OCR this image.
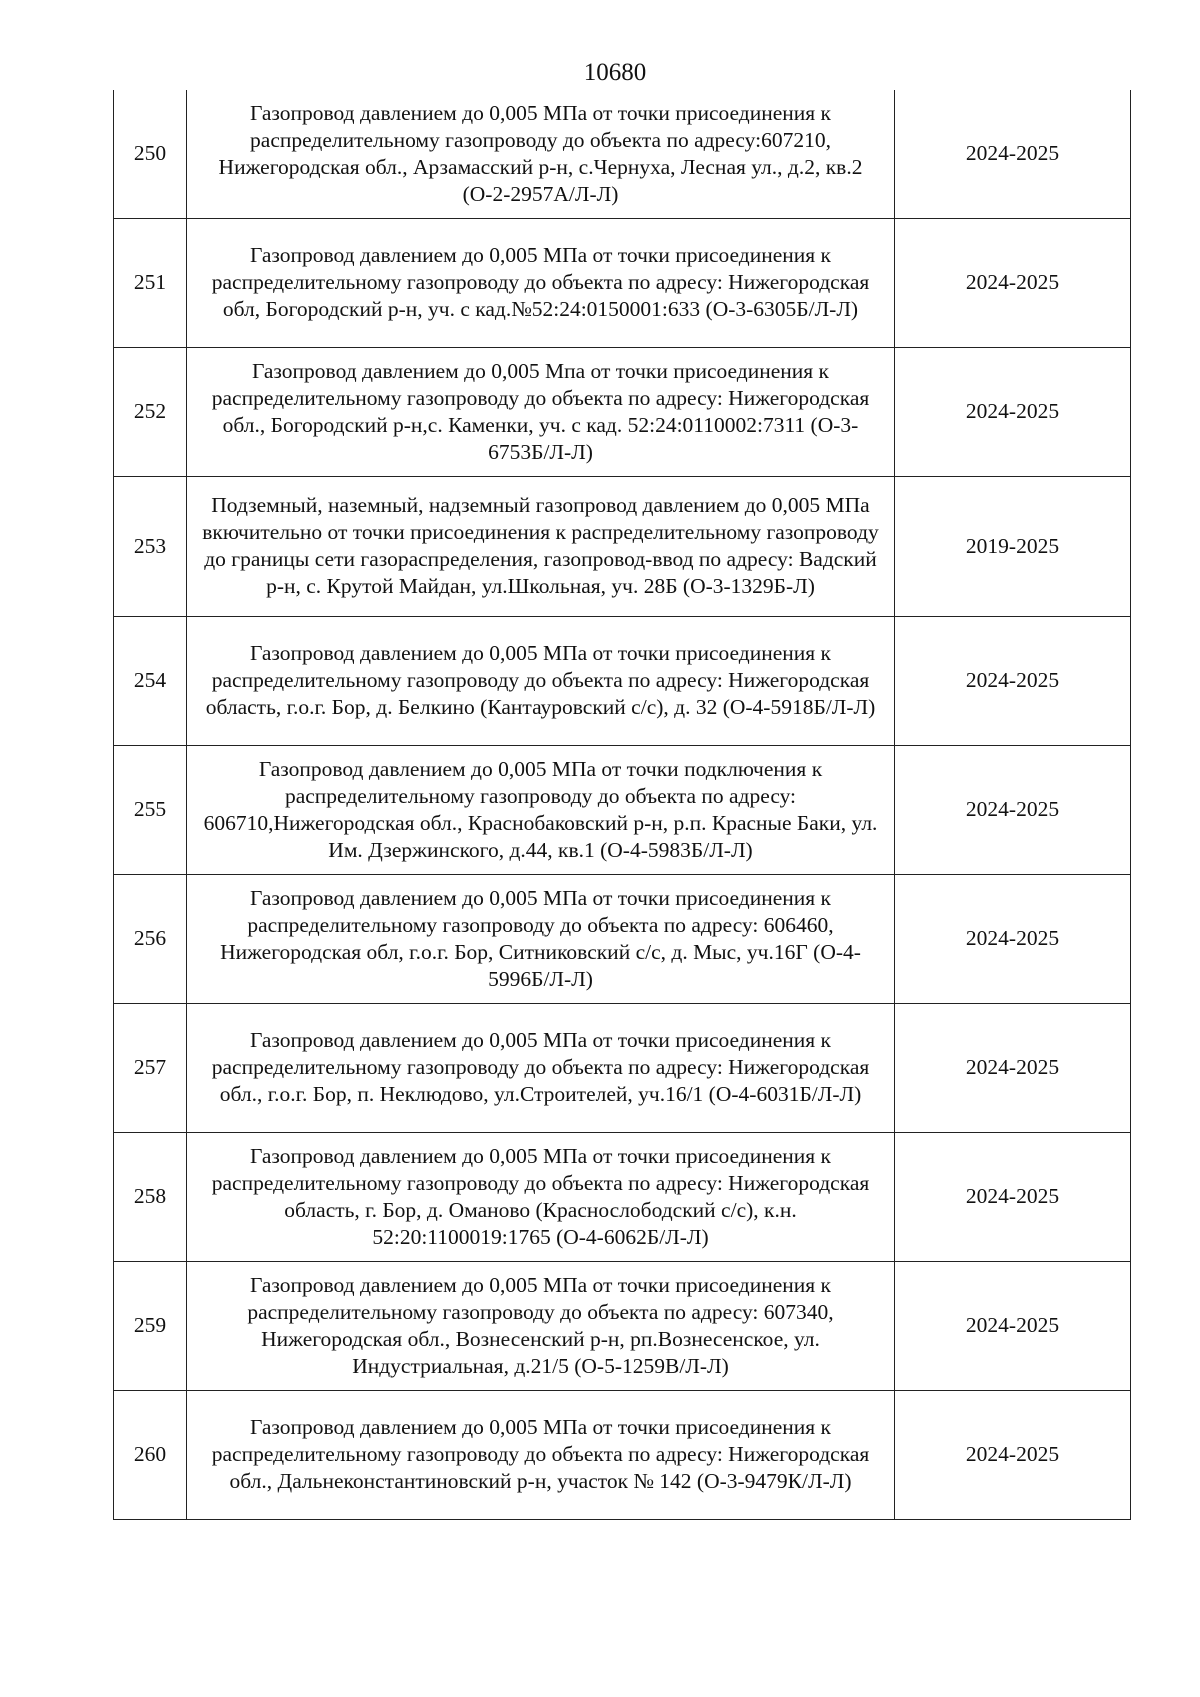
10680
250	Газопровод давлением до 0,005 МПа от точки присоединения к распределительному газопроводу до объекта по адресу:607210, Нижегородская обл., Арзамасский р-н, с.Чернуха, Лесная ул., д.2, кв.2 (О-2-2957А/Л-Л)	2024-2025
251	Газопровод давлением до 0,005 МПа от точки присоединения к распределительному газопроводу до объекта по адресу: Нижегородская обл, Богородский р-н, уч. с кад.№52:24:0150001:633 (О-3-6305Б/Л-Л)	2024-2025
252	Газопровод давлением до 0,005 Мпа от точки присоединения к распределительному газопроводу до объекта по адресу: Нижегородская обл., Богородский р-н,с. Каменки, уч. с кад. 52:24:0110002:7311 (О-3-6753Б/Л-Л)	2024-2025
253	Подземный, наземный, надземный газопровод давлением до 0,005 МПа вкючительно от точки присоединения к распределительному газопроводу до границы сети газораспределения, газопровод-ввод по адресу: Вадский р-н, с. Крутой Майдан, ул.Школьная, уч. 28Б (О-3-1329Б-Л)	2019-2025
254	Газопровод давлением до 0,005 МПа от точки присоединения к распределительному газопроводу до объекта по адресу: Нижегородская область, г.о.г. Бор, д. Белкино (Кантауровский с/с), д. 32 (О-4-5918Б/Л-Л)	2024-2025
255	Газопровод давлением до 0,005 МПа от точки подключения к распределительному газопроводу до объекта по адресу: 606710,Нижегородская обл., Краснобаковский р-н, р.п. Красные Баки, ул. Им. Дзержинского, д.44, кв.1 (О-4-5983Б/Л-Л)	2024-2025
256	Газопровод давлением до 0,005 МПа от точки присоединения к распределительному газопроводу до объекта по адресу: 606460, Нижегородская обл, г.о.г. Бор, Ситниковский с/с, д. Мыс, уч.16Г (О-4-5996Б/Л-Л)	2024-2025
257	Газопровод давлением до 0,005 МПа от точки присоединения к распределительному газопроводу до объекта по адресу: Нижегородская обл., г.о.г. Бор, п. Неклюдово, ул.Строителей, уч.16/1 (О-4-6031Б/Л-Л)	2024-2025
258	Газопровод давлением до 0,005 МПа от точки присоединения к распределительному газопроводу до объекта по адресу: Нижегородская область, г. Бор, д. Оманово (Краснослободский с/с), к.н. 52:20:1100019:1765 (О-4-6062Б/Л-Л)	2024-2025
259	Газопровод давлением до 0,005 МПа от точки присоединения к распределительному газопроводу до объекта по адресу: 607340, Нижегородская обл., Вознесенский р-н, рп.Вознесенское, ул. Индустриальная, д.21/5 (О-5-1259В/Л-Л)	2024-2025
260	Газопровод давлением до 0,005 МПа от точки присоединения к распределительному газопроводу до объекта по адресу: Нижегородская обл., Дальнеконстантиновский р-н, участок № 142 (О-3-9479К/Л-Л)	2024-2025
